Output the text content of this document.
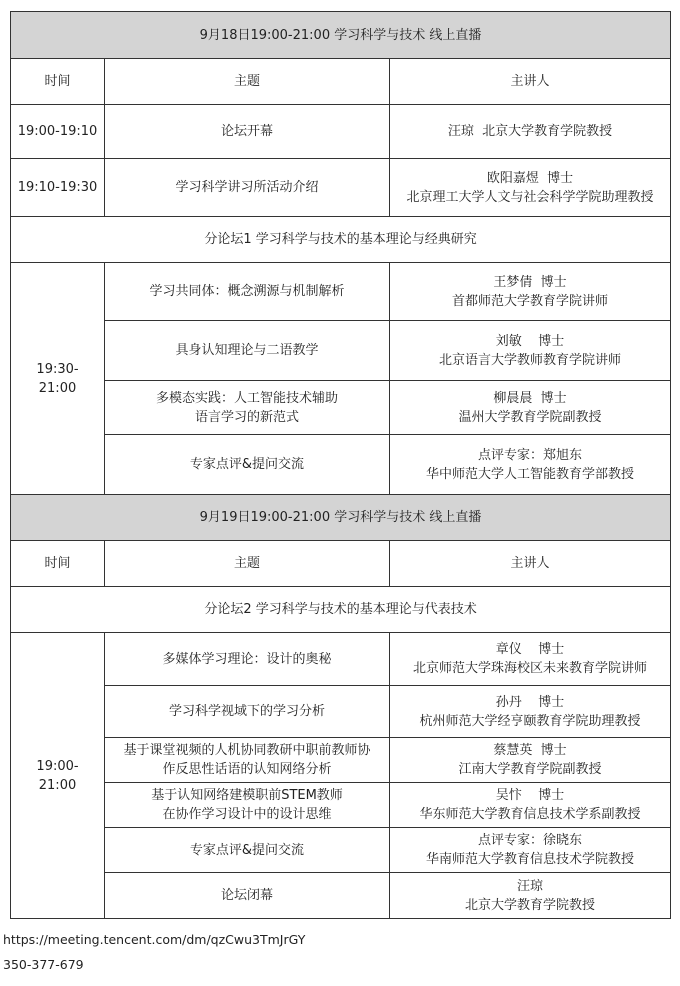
9月18日19:00-21:00 学习科学与技术 线上直播		
时间	主题	主讲人
19:00-19:10	论坛开幕	汪琼  北京大学教育学院教授

19:10-19:30	学习科学讲习所活动介绍	欧阳嘉煜  博士
北京理工大学人文与社会科学学院助理教授

分论坛1 学习科学与技术的基本理论与经典研究		

19:30-
21:00	学习共同体：概念溯源与机制解析	王梦倩  博士
首都师范大学教育学院讲师

	具身认知理论与二语教学	刘敏    博士
北京语言大学教师教育学院讲师

	多模态实践：人工智能技术辅助
语言学习的新范式	柳晨晨  博士
温州大学教育学院副教授

	专家点评&提问交流	点评专家：郑旭东
华中师范大学人工智能教育学部教授

9月19日19:00-21:00 学习科学与技术 线上直播		
时间	主题	主讲人
分论坛2 学习科学与技术的基本理论与代表技术		

19:00-
21:00	多媒体学习理论：设计的奥秘	章仪    博士
北京师范大学珠海校区未来教育学院讲师

	学习科学视域下的学习分析	孙丹    博士
杭州师范大学经亨颐教育学院助理教授

	基于课堂视频的人机协同教研中职前教师协
作反思性话语的认知网络分析	蔡慧英  博士
江南大学教育学院副教授

	基于认知网络建模职前STEM教师
在协作学习设计中的设计思维	吴忭    博士
华东师范大学教育信息技术学系副教授

	专家点评&提问交流	点评专家：徐晓东
华南师范大学教育信息技术学院教授

	论坛闭幕	汪琼
北京大学教育学院教授
https://meeting.tencent.com/dm/qzCwu3TmJrGY
350-377-679
